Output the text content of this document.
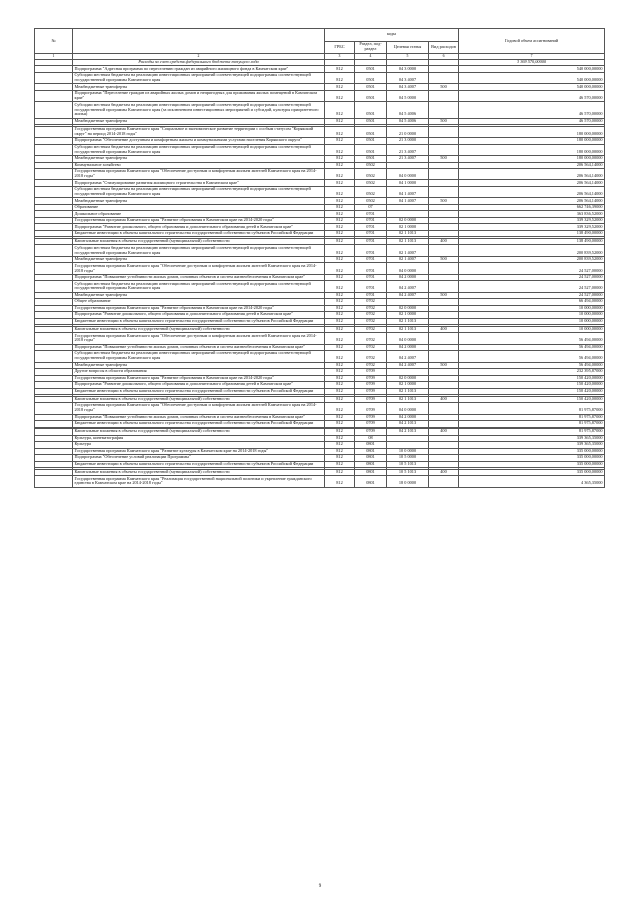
№		коды				Годовой объем ассигнований
		ГРБС	Раздел, под-раздел	Целевая статья	Вид расходов	
1	2	3	4	5	6	7
	Расходы за счет средств федерального бюджета текущего года					3 369 570,00000
	Подпрограмма "Адресная программа по переселению граждан из аварийного жилищного фонда в Камчатском крае"	812	0501	04 3 0000		540 000,00000
	Субсидии местным бюджетам на реализацию инвестиционных мероприятий соответствующей подпрограммы соответствующей государственной программы Камчатского края	812	0501	04 3 4007		540 000,00000
	Межбюджетные трансферты	812	0501	04 3 4007	500	540 000,00000
	Подпрограмма "Переселение граждан из аварийных жилых домов и непригодных для проживания жилых помещений в Камчатском крае"	812	0501	04 5 0000		46 570,00000
	Субсидии местным бюджетам на реализацию инвестиционных мероприятий соответствующей подпрограммы соответствующей государственной программы Камчатского края (за исключением инвестиционных мероприятий и субсидий, культуры приоритетного жилья)	812	0501	04 5 4006		46 570,00000
	Межбюджетные трансферты	812	0501	04 5 4006	500	46 570,00000

	Государственная программа Камчатского края "Социальное и экономическое развитие территории с особым статусом "Корякский округ" на период 2014-2018 годы"	812	0501	21 0 0000		180 000,00000
	Подпрограмма "Обеспечение доступным и комфортным жильем и коммунальными услугами населения Корякского округа"	812	0501	21 3 0000		180 000,00000
	Субсидии местным бюджетам на реализацию инвестиционных мероприятий соответствующей подпрограммы соответствующей государственной программы Камчатского края	812	0501	21 3 4007		180 000,00000
	Межбюджетные трансферты	812	0501	21 3 4007	500	180 000,00000
	Коммунальное хозяйство	812	0502			206 564,14000
	Государственная программа Камчатского края "Обеспечение доступным и комфортным жильем жителей Камчатского края на 2014-2018 годы"	812	0502	04 0 0000		206 564,14000
	Подпрограмма "Стимулирование развития жилищного строительства в Камчатском крае"	812	0502	04 1 0000		206 564,14000
	Субсидии местным бюджетам на реализацию инвестиционных мероприятий соответствующей подпрограммы соответствующей государственной программы Камчатского края	812	0502	04 1 4007		206 564,14000
	Межбюджетные трансферты	812	0502	04 1 4007	500	206 564,14000
	Образование	812	07			662 746,39000
	Дошкольное образование	812	0701			363 836,52000
	Государственная программа Камчатского края "Развитие образования в Камчатском крае на 2014-2020 годы"	812	0701	02 0 0000		339 329,52000
	Подпрограмма "Развитие дошкольного, общего образования и дополнительного образования детей в Камчатском крае"	812	0701	02 1 0000		339 329,52000
	Бюджетные инвестиции в объекты капитального строительства государственной собственности субъектов Российской Федерации	812	0701	02 1 1013		138 490,00000

	Капитальные вложения в объекты государственной (муниципальной) собственности	812	0701	02 1 1013	400	138 490,00000
	Субсидии местным бюджетам на реализацию инвестиционных мероприятий соответствующей подпрограммы соответствующей государственной программы Камчатского края	812	0701	02 1 4007		200 839,52000
	Межбюджетные трансферты	812	0701	02 1 4007	500	200 839,52000
	Государственная программа Камчатского края "Обеспечение доступным и комфортным жильем жителей Камчатского края на 2014-2018 годы"	812	0701	04 0 0000		24 527,00000
	Подпрограмма "Повышение устойчивости жилых домов, основных объектов и систем жизнеобеспечения в Камчатском крае"	812	0701	04 2 0000		24 527,00000
	Субсидии местным бюджетам на реализацию инвестиционных мероприятий соответствующей подпрограммы соответствующей государственной программы Камчатского края	812	0701	04 2 4007		24 527,00000
	Межбюджетные трансферты	812	0701	04 2 4007	500	24 527,00000
	Общее образование	812	0702			66 494,00000
	Государственная программа Камчатского края "Развитие образования в Камчатском крае на 2014-2020 годы"	812	0702	02 0 0000		10 000,00000
	Подпрограмма "Развитие дошкольного, общего образования и дополнительного образования детей в Камчатском крае"	812	0702	02 1 0000		10 000,00000
	Бюджетные инвестиции в объекты капитального строительства государственной собственности субъектов Российской Федерации	812	0702	02 1 1013		10 000,00000

	Капитальные вложения в объекты государственной (муниципальной) собственности	812	0702	02 1 1013	400	10 000,00000
	Государственная программа Камчатского края "Обеспечение доступным и комфортным жильем жителей Камчатского края на 2014-2018 годы"	812	0702	04 0 0000		56 494,00000
	Подпрограмма "Повышение устойчивости жилых домов, основных объектов и систем жизнеобеспечения в Камчатском крае"	812	0702	04 2 0000		56 494,00000
	Субсидии местным бюджетам на реализацию инвестиционных мероприятий соответствующей подпрограммы соответствующей государственной программы Камчатского края	812	0702	04 2 4007		56 494,00000
	Межбюджетные трансферты	812	0702	04 2 4007	500	56 494,00000
	Другие вопросы в области образования	812	0709			232 395,87000
	Государственная программа Камчатского края "Развитие образования в Камчатском крае на 2014-2020 годы"	812	0709	02 0 0000		150 420,00000
	Подпрограмма "Развитие дошкольного, общего образования и дополнительного образования детей в Камчатском крае"	812	0709	02 1 0000		150 420,00000
	Бюджетные инвестиции в объекты капитального строительства государственной собственности субъектов Российской Федерации	812	0709	02 1 1013		150 420,00000

	Капитальные вложения в объекты государственной (муниципальной) собственности	812	0709	02 1 1013	400	150 420,00000
	Государственная программа Камчатского края "Обеспечение доступным и комфортным жильем жителей Камчатского края на 2014-2018 годы"	812	0709	04 0 0000		81 975,87000
	Подпрограмма "Повышение устойчивости жилых домов, основных объектов и систем жизнеобеспечения в Камчатском крае"	812	0709	04 2 0000		81 975,87000
	Бюджетные инвестиции в объекты капитального строительства государственной собственности субъектов Российской Федерации	812	0709	04 2 1013		81 975,87000

	Капитальные вложения в объекты государственной (муниципальной) собственности	812	0709	04 2 1013	400	81 975,87000
	Культура, кинематография	812	08			339 365,35000
	Культура	812	0801			339 365,35000
	Государственная программа Камчатского края "Развитие культуры в Камчатском крае на 2014-2018 годы"	812	0801	10 0 0000		335 000,00000
	Подпрограмма "Обеспечение условий реализации Программы"	812	0801	10 5 0000		335 000,00000
	Бюджетные инвестиции в объекты капитального строительства государственной собственности субъектов Российской Федерации	812	0801	10 5 1013		335 000,00000

	Капитальные вложения в объекты государственной (муниципальной) собственности	812	0801	10 5 1013	400	335 000,00000
	Государственная программа Камчатского края "Реализация государственной национальной политики и укрепление гражданского единства в Камчатском крае на 2014-2018 годы"	812	0801	18 0 0000		4 365,35000
9
